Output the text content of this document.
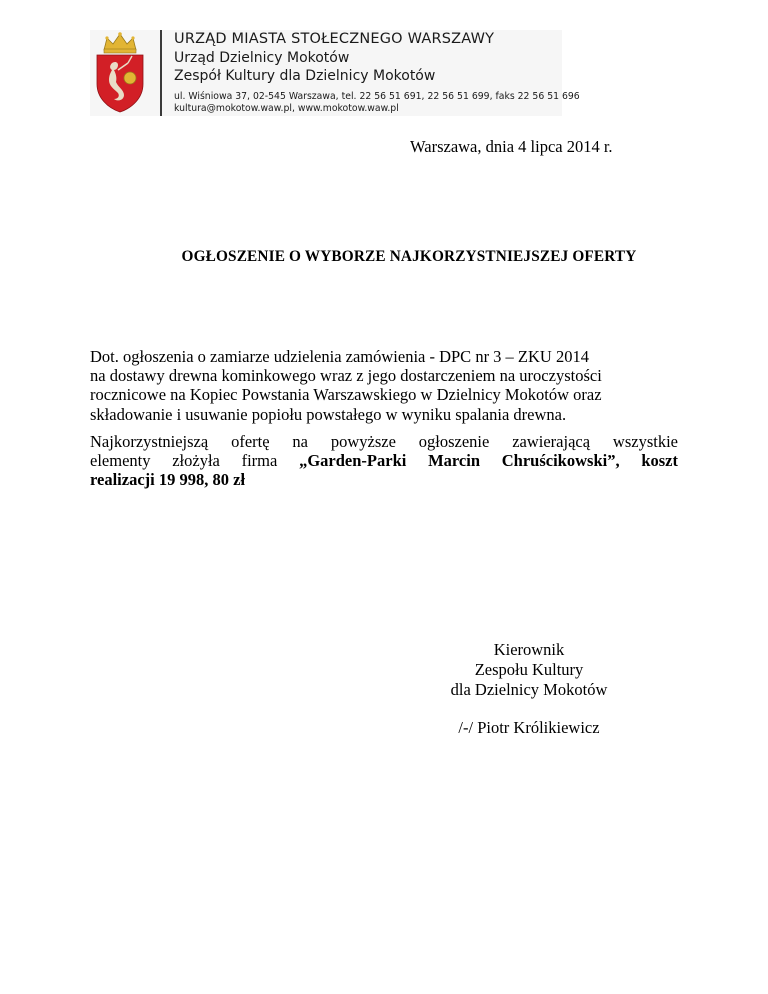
URZĄD MIASTA STOŁECZNEGO WARSZAWY
Urząd Dzielnicy Mokotów
Zespół Kultury dla Dzielnicy Mokotów
ul. Wiśniowa 37, 02-545 Warszawa, tel. 22 56 51 691, 22 56 51 699, faks 22 56 51 696
kultura@mokotow.waw.pl, www.mokotow.waw.pl
Warszawa, dnia 4 lipca 2014 r.
OGŁOSZENIE O WYBORZE NAJKORZYSTNIEJSZEJ OFERTY
Dot. ogłoszenia o zamiarze udzielenia zamówienia - DPC nr 3 – ZKU 2014
na dostawy drewna kominkowego wraz z jego dostarczeniem na uroczystości
rocznicowe na Kopiec Powstania Warszawskiego w Dzielnicy Mokotów oraz
składowanie i usuwanie popiołu powstałego w wyniku spalania drewna.
Najkorzystniejszą ofertę na powyższe ogłoszenie zawierającą wszystkie
elementy złożyła firma „Garden-Parki Marcin Chruścikowski”, koszt
realizacji 19 998, 80 zł
Kierownik
Zespołu Kultury
dla Dzielnicy Mokotów
/-/ Piotr Królikiewicz
